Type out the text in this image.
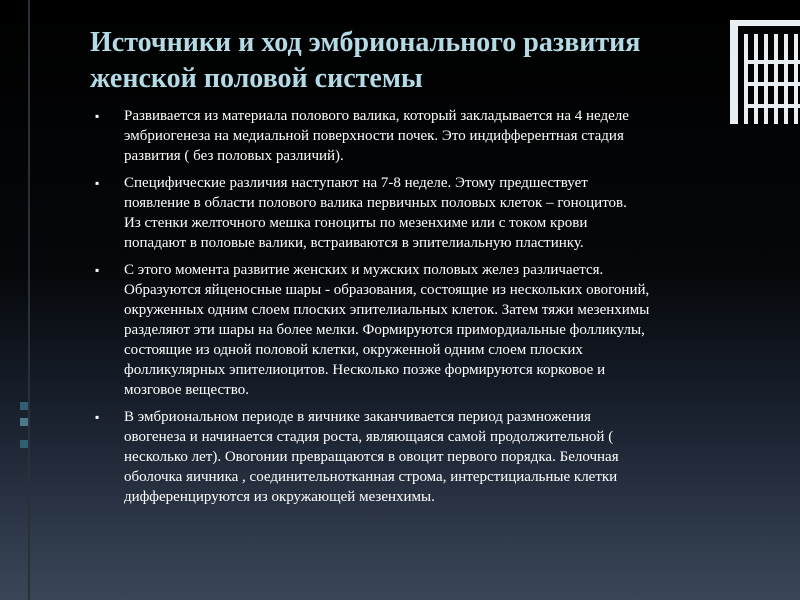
Источники и ход эмбрионального развития
женской половой системы
▪ Развивается из материала полового валика, который закладывается на 4 неделе
эмбриогенеза на медиальной поверхности почек. Это индифферентная стадия
развития ( без половых различий).
▪ Специфические различия наступают на 7-8 неделе. Этому предшествует
появление в области полового валика первичных половых клеток – гоноцитов.
Из стенки желточного мешка гоноциты по мезенхиме или с током крови
попадают в половые валики, встраиваются в эпителиальную пластинку.
▪ С этого момента развитие женских и мужских половых желез различается.
Образуются яйценосные шары - образования, состоящие из нескольких овогоний,
окруженных одним слоем плоских эпителиальных клеток. Затем тяжи мезенхимы
разделяют эти шары на более мелки. Формируются примордиальные фолликулы,
состоящие из одной половой клетки, окруженной одним слоем плоских
фолликулярных эпителиоцитов. Несколько позже формируются корковое и
мозговое вещество.
▪ В эмбриональном периоде в яичнике заканчивается период размножения
овогенеза и начинается стадия роста, являющаяся самой продолжительной (
несколько лет). Овогонии превращаются в овоцит первого порядка. Белочная
оболочка яичника , соединительнотканная строма, интерстициальные клетки
дифференцируются из окружающей мезенхимы.
